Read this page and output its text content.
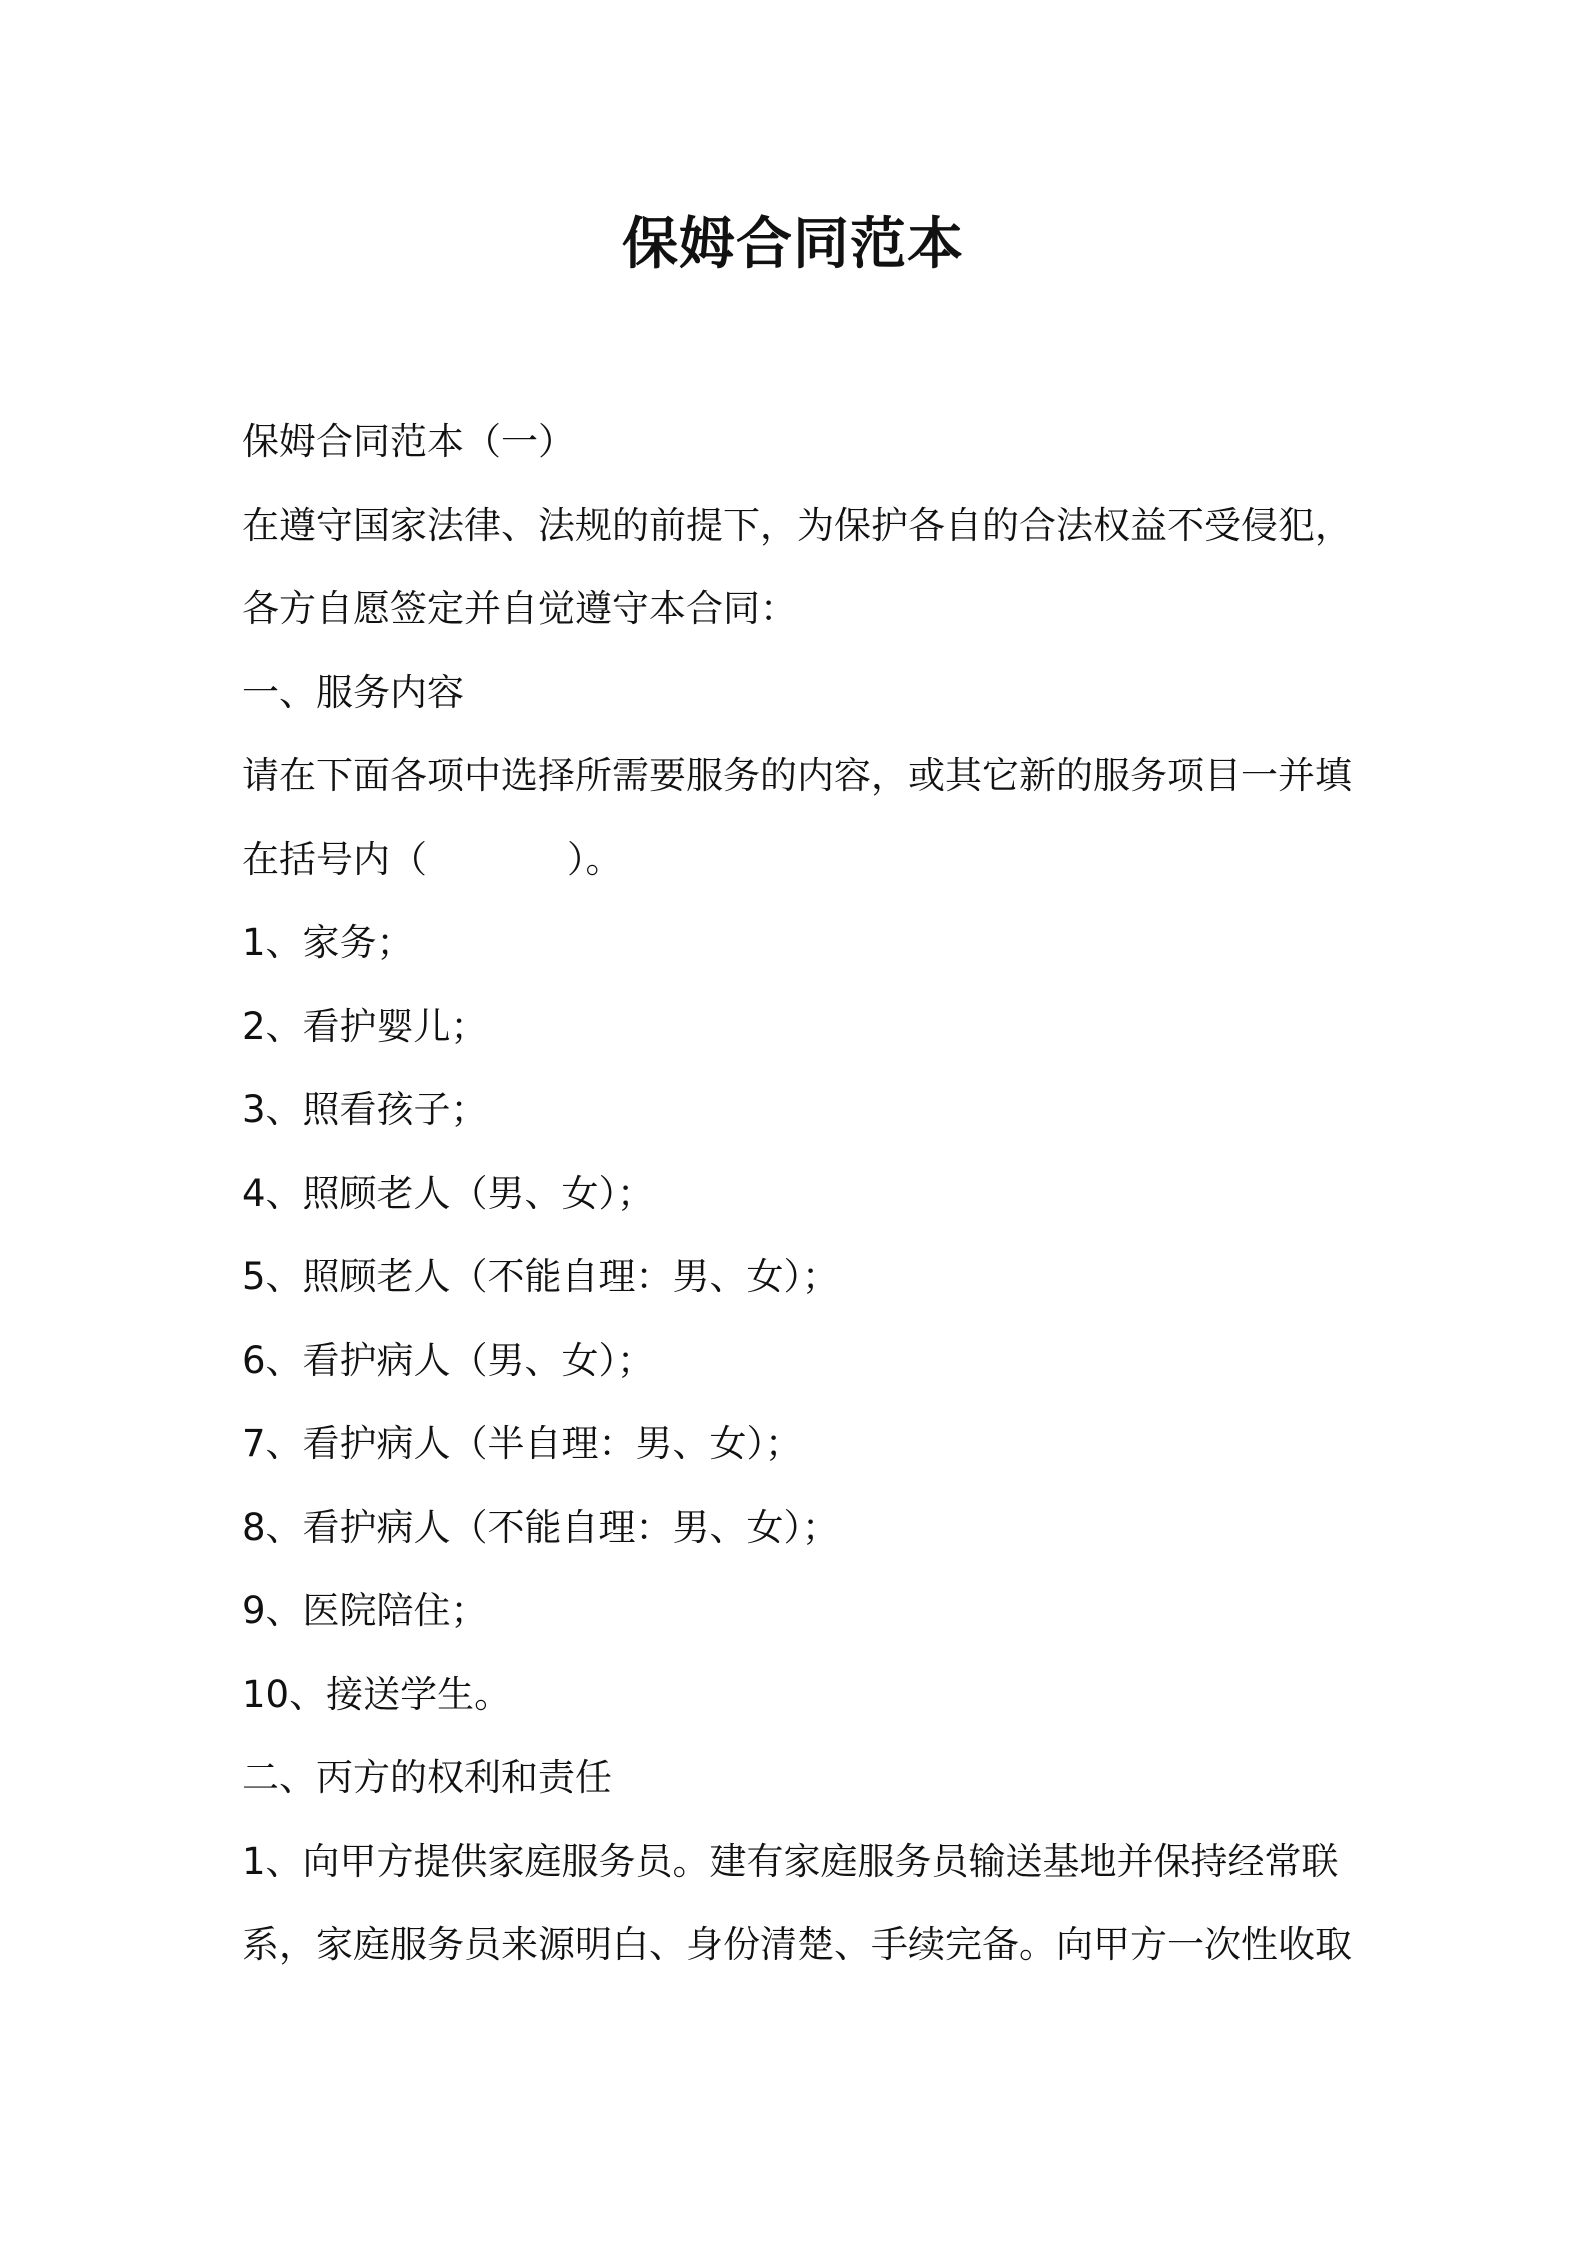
保姆合同范本

保姆合同范本（一）

在遵守国家法律、法规的前提下，为保护各自的合法权益不受侵犯，

各方自愿签定并自觉遵守本合同：

一、服务内容

请在下面各项中选择所需要服务的内容，或其它新的服务项目一并填

在括号内（	）。

1、家务；

2、看护婴儿；

3、照看孩子；

4、照顾老人（男、女）；

5、照顾老人（不能自理：男、女）；

6、看护病人（男、女）；

7、看护病人（半自理：男、女）；

8、看护病人（不能自理：男、女）；

9、医院陪住；

10、接送学生。

二、丙方的权利和责任

1、向甲方提供家庭服务员。建有家庭服务员输送基地并保持经常联

系，家庭服务员来源明白、身份清楚、手续完备。向甲方一次性收取
